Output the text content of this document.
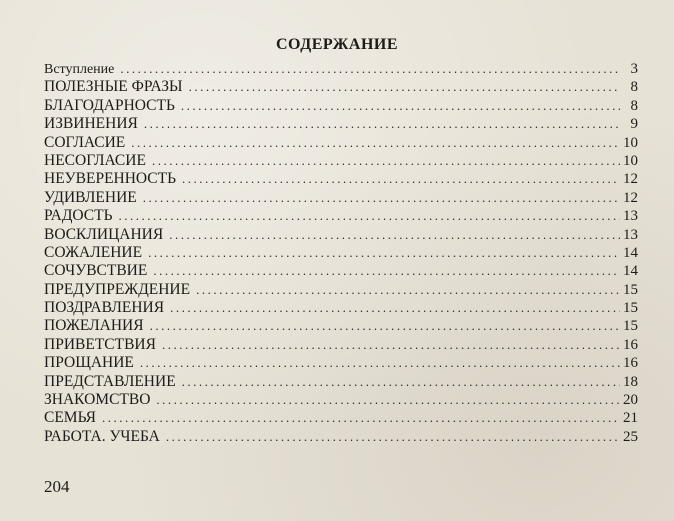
СОДЕРЖАНИЕ
Вступление .....	3
ПОЛЕЗНЫЕ ФРАЗЫ .....	8
БЛАГОДАРНОСТЬ .....	8
ИЗВИНЕНИЯ .....	9
СОГЛАСИЕ .....	10
НЕСОГЛАСИЕ .....	10
НЕУВЕРЕННОСТЬ .....	12
УДИВЛЕНИЕ .....	12
РАДОСТЬ .....	13
ВОСКЛИЦАНИЯ .....	13
СОЖАЛЕНИЕ .....	14
СОЧУВСТВИЕ .....	14
ПРЕДУПРЕЖДЕНИЕ .....	15
ПОЗДРАВЛЕНИЯ .....	15
ПОЖЕЛАНИЯ .....	15
ПРИВЕТСТВИЯ .....	16
ПРОЩАНИЕ .....	16
ПРЕДСТАВЛЕНИЕ .....	18
ЗНАКОМСТВО .....	20
СЕМЬЯ .....	21
РАБОТА. УЧЕБА .....	25
204
